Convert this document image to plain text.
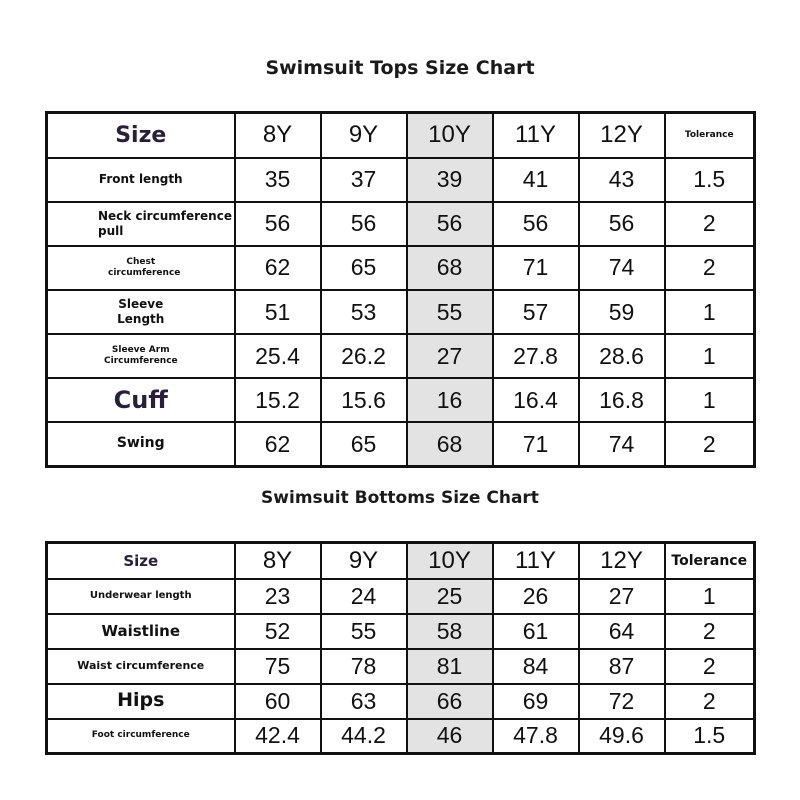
Swimsuit Tops Size Chart
Size	8Y	9Y	10Y	11Y	12Y	Tolerance
Front length	35	37	39	41	43	1.5
Neck circumference pull	56	56	56	56	56	2
Chest circumference	62	65	68	71	74	2
Sleeve Length	51	53	55	57	59	1
Sleeve Arm Circumference	25.4	26.2	27	27.8	28.6	1
Cuff	15.2	15.6	16	16.4	16.8	1
Swing	62	65	68	71	74	2
Swimsuit Bottoms Size Chart
Size	8Y	9Y	10Y	11Y	12Y	Tolerance
Underwear length	23	24	25	26	27	1
Waistline	52	55	58	61	64	2
Waist circumference	75	78	81	84	87	2
Hips	60	63	66	69	72	2
Foot circumference	42.4	44.2	46	47.8	49.6	1.5
